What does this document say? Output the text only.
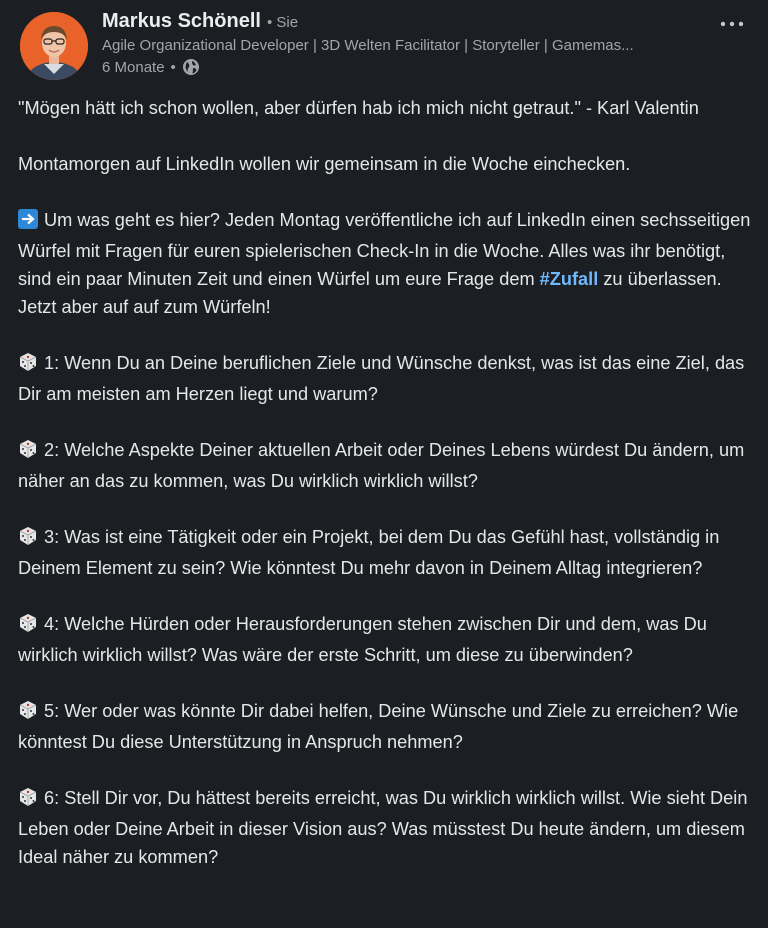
Markus Schönell • Sie
Agile Organizational Developer | 3D Welten Facilitator | Storyteller | Gamemas...
6 Monate •

"Mögen hätt ich schon wollen, aber dürfen hab ich mich nicht getraut." - Karl Valentin

Montamorgen auf LinkedIn wollen wir gemeinsam in die Woche einchecken.

Um was geht es hier? Jeden Montag veröffentliche ich auf LinkedIn einen sechsseitigen Würfel mit Fragen für euren spielerischen Check-In in die Woche. Alles was ihr benötigt, sind ein paar Minuten Zeit und einen Würfel um eure Frage dem #Zufall zu überlassen. Jetzt aber auf auf zum Würfeln!

1: Wenn Du an Deine beruflichen Ziele und Wünsche denkst, was ist das eine Ziel, das Dir am meisten am Herzen liegt und warum?

2: Welche Aspekte Deiner aktuellen Arbeit oder Deines Lebens würdest Du ändern, um näher an das zu kommen, was Du wirklich wirklich willst?

3: Was ist eine Tätigkeit oder ein Projekt, bei dem Du das Gefühl hast, vollständig in Deinem Element zu sein? Wie könntest Du mehr davon in Deinem Alltag integrieren?

4: Welche Hürden oder Herausforderungen stehen zwischen Dir und dem, was Du wirklich wirklich willst? Was wäre der erste Schritt, um diese zu überwinden?

5: Wer oder was könnte Dir dabei helfen, Deine Wünsche und Ziele zu erreichen? Wie könntest Du diese Unterstützung in Anspruch nehmen?

6: Stell Dir vor, Du hättest bereits erreicht, was Du wirklich wirklich willst. Wie sieht Dein Leben oder Deine Arbeit in dieser Vision aus? Was müsstest Du heute ändern, um diesem Ideal näher zu kommen?
